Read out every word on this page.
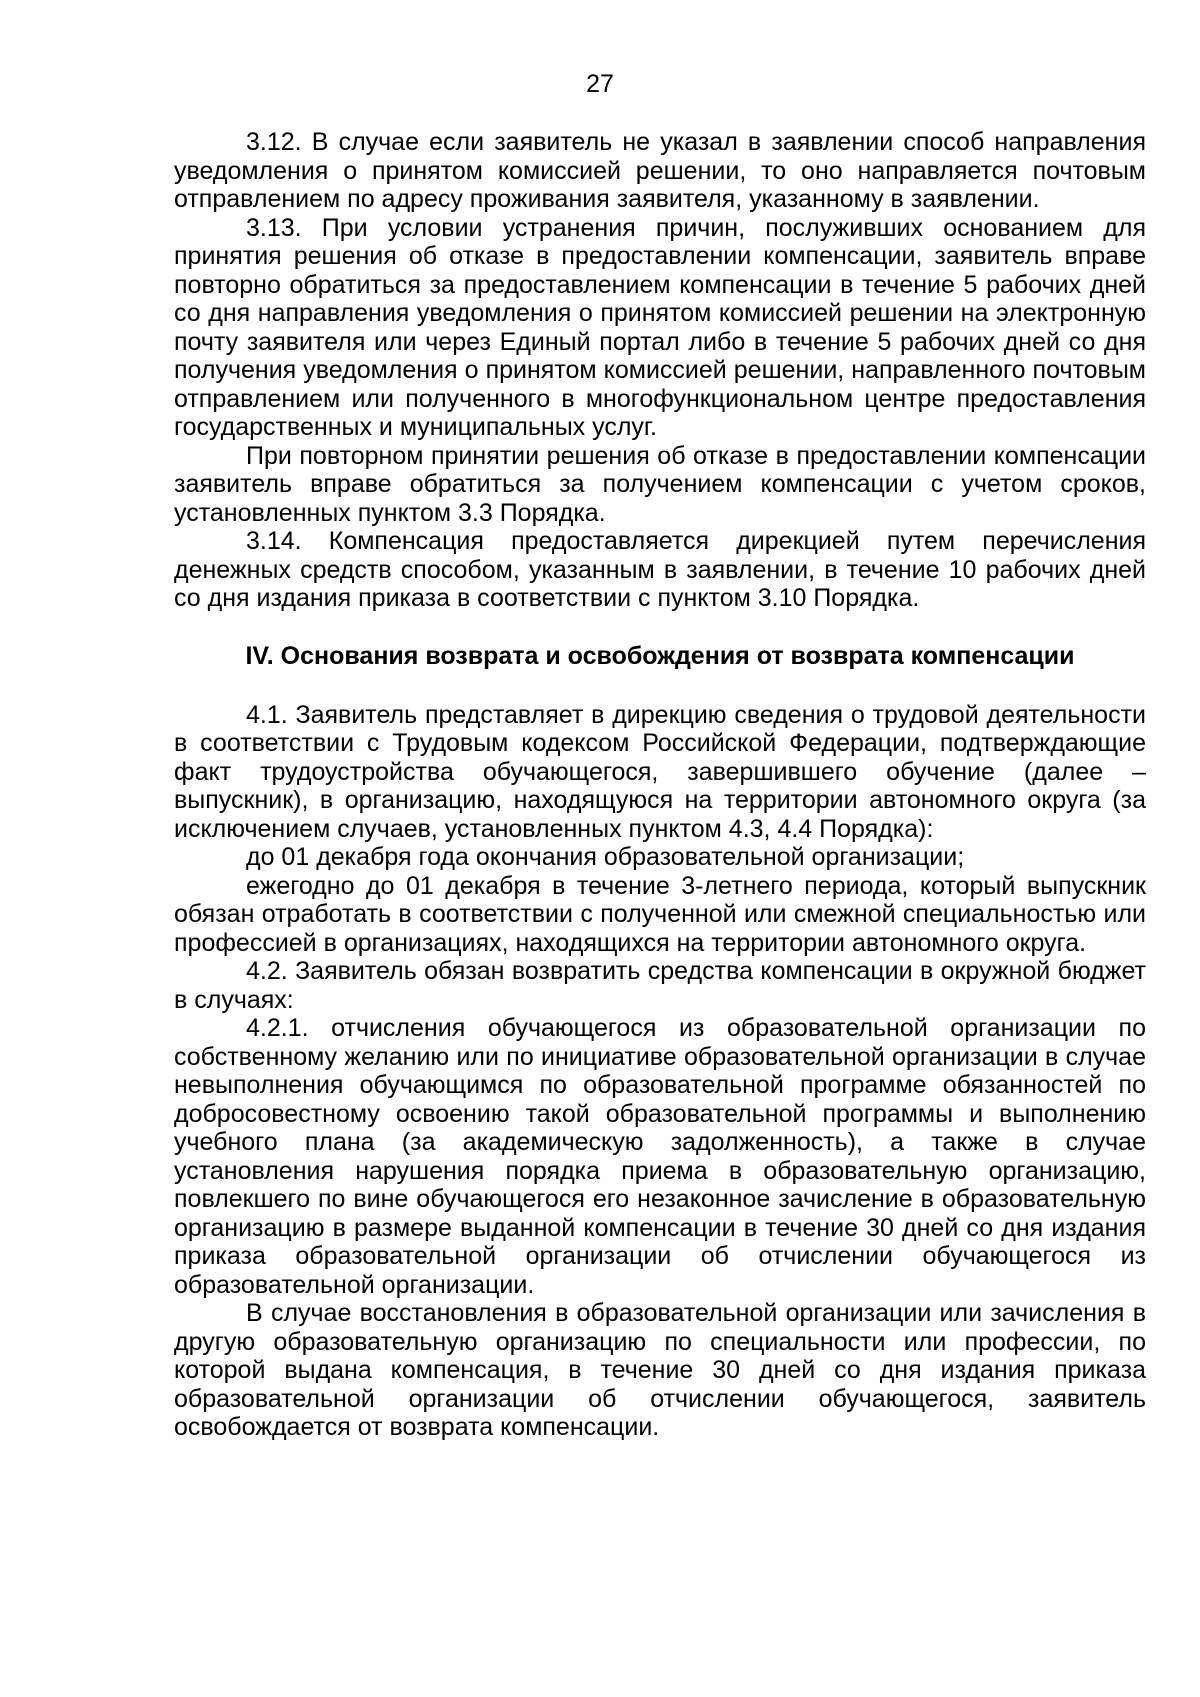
27

3.12. В случае если заявитель не указал в заявлении способ направления уведомления о принятом комиссией решении, то оно направляется почтовым отправлением по адресу проживания заявителя, указанному в заявлении.

3.13. При условии устранения причин, послуживших основанием для принятия решения об отказе в предоставлении компенсации, заявитель вправе повторно обратиться за предоставлением компенсации в течение 5 рабочих дней со дня направления уведомления о принятом комиссией решении на электронную почту заявителя или через Единый портал либо в течение 5 рабочих дней со дня получения уведомления о принятом комиссией решении, направленного почтовым отправлением или полученного в многофункциональном центре предоставления государственных и муниципальных услуг.

При повторном принятии решения об отказе в предоставлении компенсации заявитель вправе обратиться за получением компенсации с учетом сроков, установленных пунктом 3.3 Порядка.

3.14. Компенсация предоставляется дирекцией путем перечисления денежных средств способом, указанным в заявлении, в течение 10 рабочих дней со дня издания приказа в соответствии с пунктом 3.10 Порядка.

IV. Основания возврата и освобождения от возврата компенсации

4.1. Заявитель представляет в дирекцию сведения о трудовой деятельности в соответствии с Трудовым кодексом Российской Федерации, подтверждающие факт трудоустройства обучающегося, завершившего обучение (далее – выпускник), в организацию, находящуюся на территории автономного округа (за исключением случаев, установленных пунктом 4.3, 4.4 Порядка):

до 01 декабря года окончания образовательной организации;

ежегодно до 01 декабря в течение 3-летнего периода, который выпускник обязан отработать в соответствии с полученной или смежной специальностью или профессией в организациях, находящихся на территории автономного округа.

4.2. Заявитель обязан возвратить средства компенсации в окружной бюджет в случаях:

4.2.1. отчисления обучающегося из образовательной организации по собственному желанию или по инициативе образовательной организации в случае невыполнения обучающимся по образовательной программе обязанностей по добросовестному освоению такой образовательной программы и выполнению учебного плана (за академическую задолженность), а также в случае установления нарушения порядка приема в образовательную организацию, повлекшего по вине обучающегося его незаконное зачисление в образовательную организацию в размере выданной компенсации в течение 30 дней со дня издания приказа образовательной организации об отчислении обучающегося из образовательной организации.

В случае восстановления в образовательной организации или зачисления в другую образовательную организацию по специальности или профессии, по которой выдана компенсация, в течение 30 дней со дня издания приказа образовательной организации об отчислении обучающегося, заявитель освобождается от возврата компенсации.
